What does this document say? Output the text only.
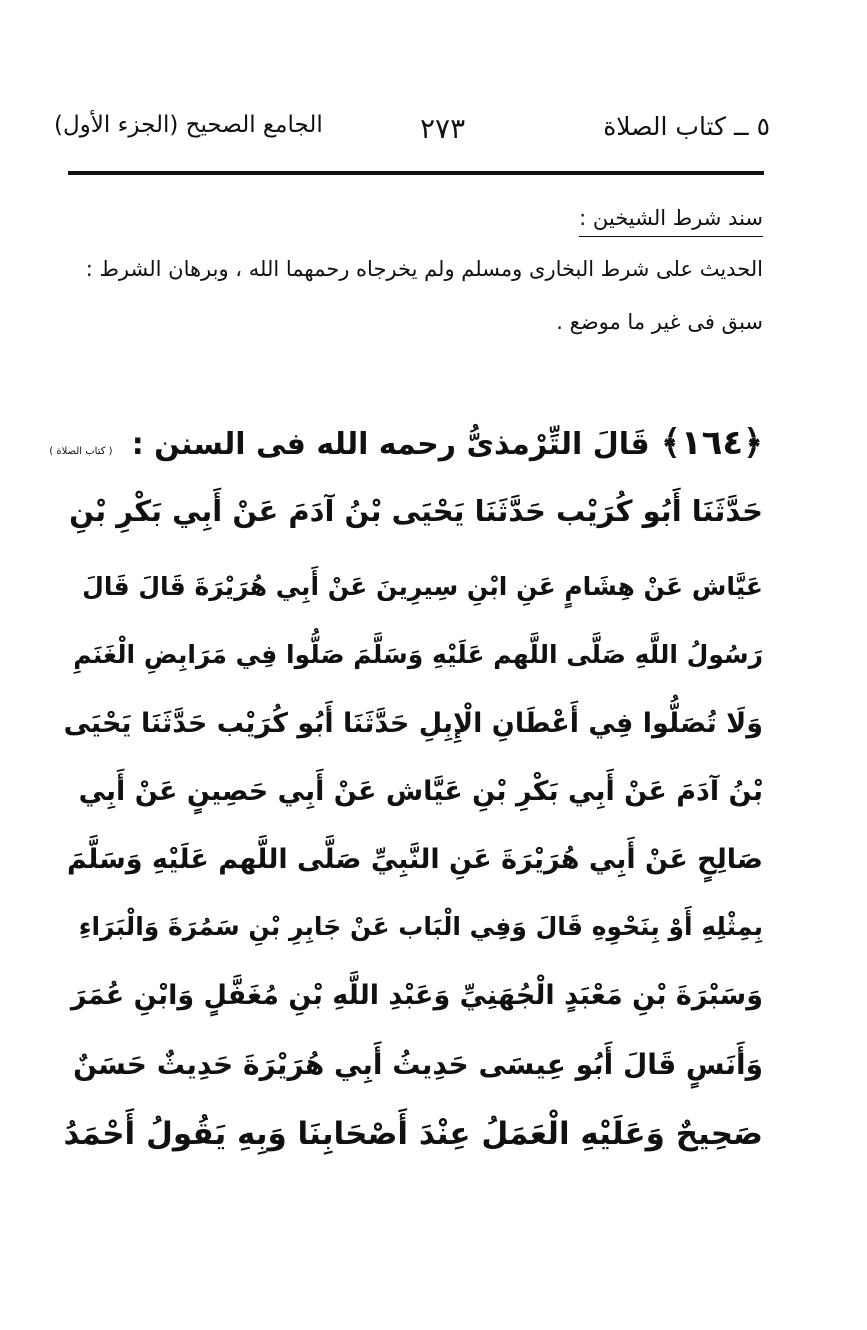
٥ ــ كتاب الصلاة
٢٧٣
الجامع الصحيح (الجزء الأول)
سند شرط الشيخين :
الحديث على شرط البخارى ومسلم ولم يخرجاه رحمهما الله ، وبرهان الشرط :
سبق فى غير ما موضع .
﴿١٦٤﴾ قَالَ التِّرْمذىُّ رحمه الله فى السنن : ( كتاب الصلاة )
حَدَّثَنَا أَبُو كُرَيْب حَدَّثَنَا يَحْيَى بْنُ آدَمَ عَنْ أَبِي بَكْرِ بْنِ
عَيَّاش عَنْ هِشَامٍ عَنِ ابْنِ سِيرِينَ عَنْ أَبِي هُرَيْرَةَ قَالَ قَالَ
رَسُولُ اللَّهِ صَلَّى اللَّهم عَلَيْهِ وَسَلَّمَ صَلُّوا فِي مَرَابِضِ الْغَنَمِ
وَلَا تُصَلُّوا فِي أَعْطَانِ الْإِبِلِ حَدَّثَنَا أَبُو كُرَيْب حَدَّثَنَا يَحْيَى
بْنُ آدَمَ عَنْ أَبِي بَكْرِ بْنِ عَيَّاش عَنْ أَبِي حَصِينٍ عَنْ أَبِي
صَالِحٍ عَنْ أَبِي هُرَيْرَةَ عَنِ النَّبِيِّ صَلَّى اللَّهم عَلَيْهِ وَسَلَّمَ
بِمِثْلِهِ أَوْ بِنَحْوِهِ قَالَ وَفِي الْبَاب عَنْ جَابِرِ بْنِ سَمُرَةَ وَالْبَرَاءِ
وَسَبْرَةَ بْنِ مَعْبَدٍ الْجُهَنِيِّ وَعَبْدِ اللَّهِ بْنِ مُغَفَّلٍ وَابْنِ عُمَرَ
وَأَنَسٍ قَالَ أَبُو عِيسَى حَدِيثُ أَبِي هُرَيْرَةَ حَدِيثٌ حَسَنٌ
صَحِيحٌ وَعَلَيْهِ الْعَمَلُ عِنْدَ أَصْحَابِنَا وَبِهِ يَقُولُ أَحْمَدُ
